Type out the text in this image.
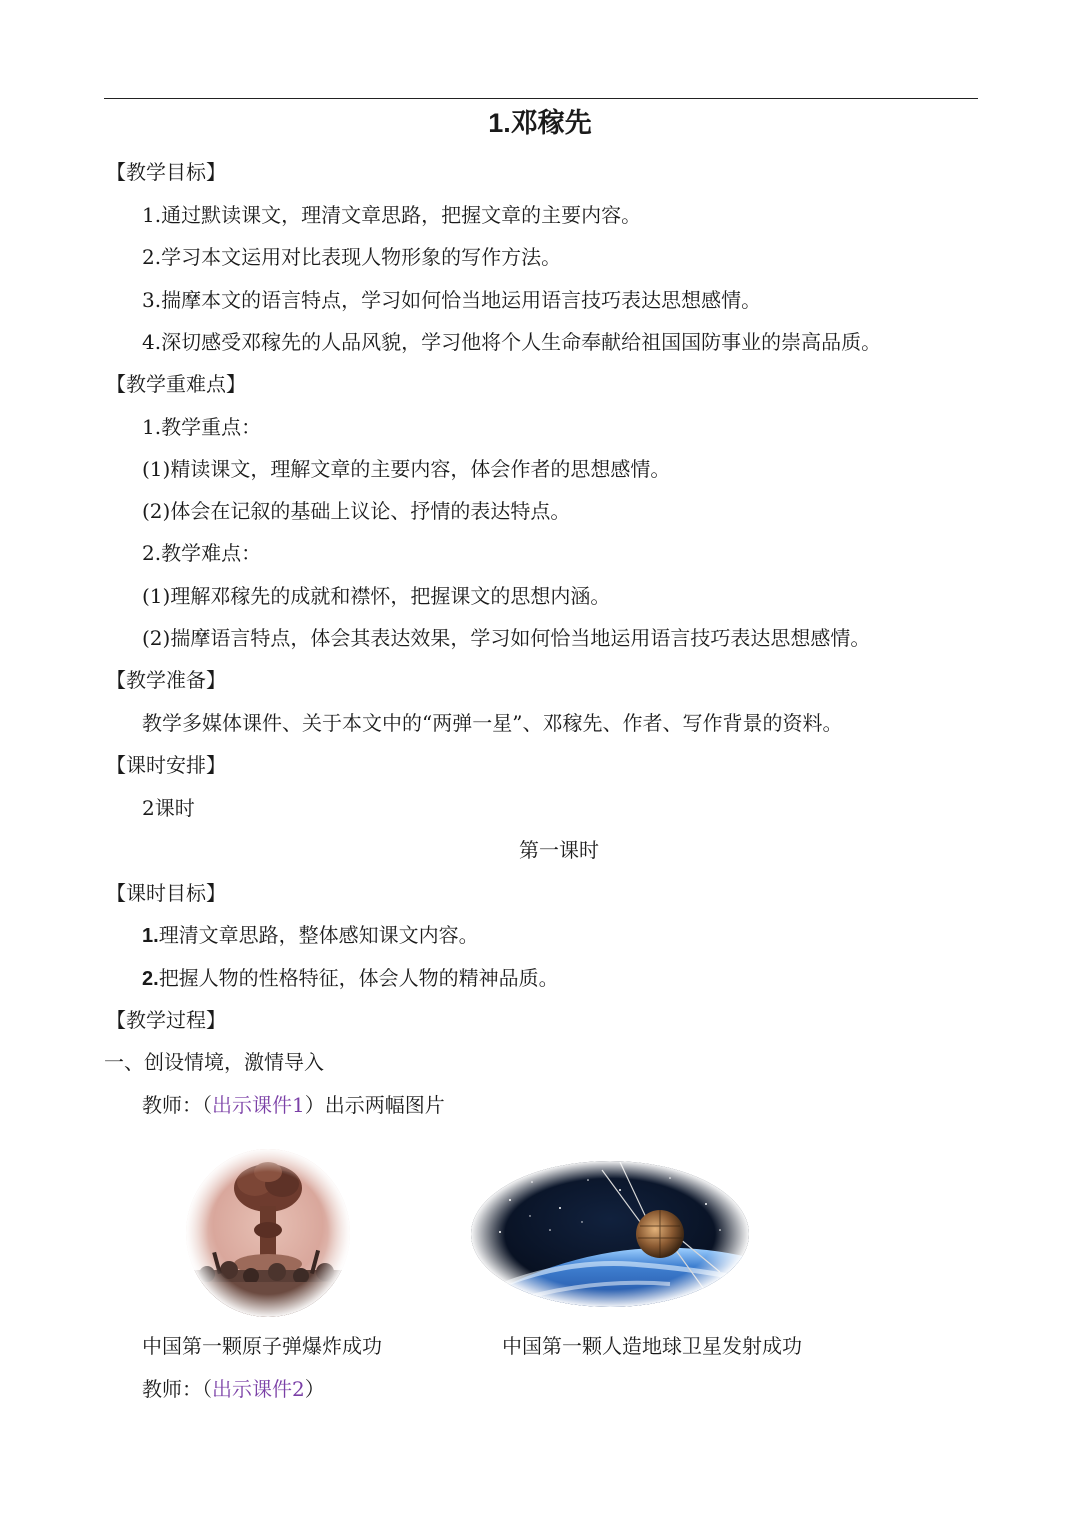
1.邓稼先
【教学目标】
1.通过默读课文，理清文章思路，把握文章的主要内容。
2.学习本文运用对比表现人物形象的写作方法。
3.揣摩本文的语言特点，学习如何恰当地运用语言技巧表达思想感情。
4.深切感受邓稼先的人品风貌，学习他将个人生命奉献给祖国国防事业的崇高品质。
【教学重难点】
1.教学重点：
(1)精读课文，理解文章的主要内容，体会作者的思想感情。
(2)体会在记叙的基础上议论、抒情的表达特点。
2.教学难点：
(1)理解邓稼先的成就和襟怀，把握课文的思想内涵。
(2)揣摩语言特点，体会其表达效果，学习如何恰当地运用语言技巧表达思想感情。
【教学准备】
教学多媒体课件、关于本文中的“两弹一星”、邓稼先、作者、写作背景的资料。
【课时安排】
2课时
第一课时
【课时目标】
1.理清文章思路，整体感知课文内容。
2.把握人物的性格特征，体会人物的精神品质。
【教学过程】
一、创设情境，激情导入
教师：（出示课件1）出示两幅图片
中国第一颗原子弹爆炸成功	中国第一颗人造地球卫星发射成功
教师：（出示课件2）
